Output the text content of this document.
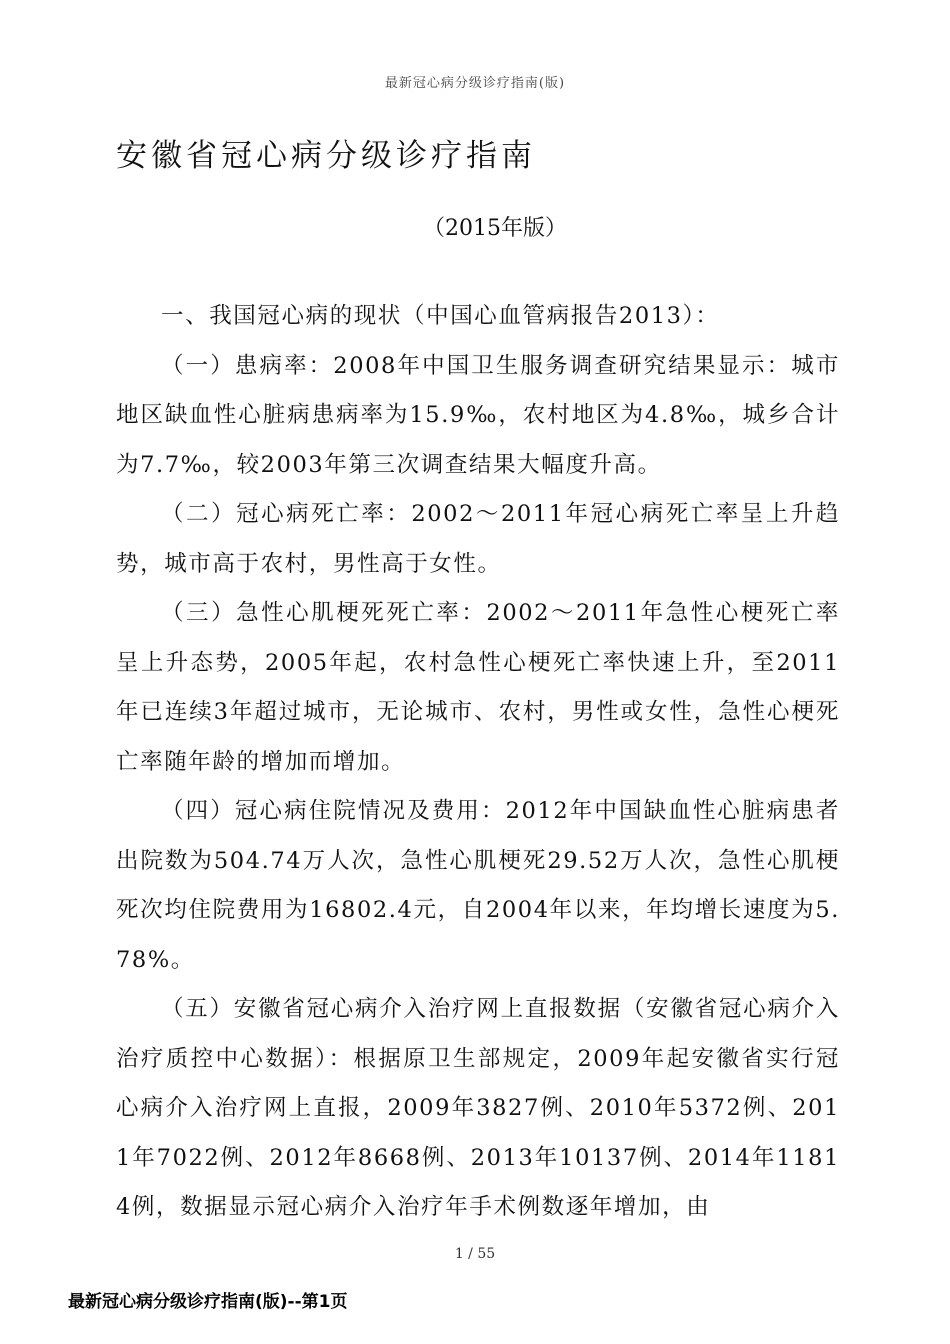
最新冠心病分级诊疗指南(版)
安徽省冠心病分级诊疗指南
（2015年版）

一、我国冠心病的现状（中国心血管病报告2013）：

（一）患病率：2008年中国卫生服务调查研究结果显示：城市地区缺血性心脏病患病率为15.9‰，农村地区为4.8‰，城乡合计为7.7‰，较2003年第三次调查结果大幅度升高。

（二）冠心病死亡率：2002～2011年冠心病死亡率呈上升趋势，城市高于农村，男性高于女性。

（三）急性心肌梗死死亡率：2002～2011年急性心梗死亡率呈上升态势，2005年起，农村急性心梗死亡率快速上升，至2011年已连续3年超过城市，无论城市、农村，男性或女性，急性心梗死亡率随年龄的增加而增加。

（四）冠心病住院情况及费用：2012年中国缺血性心脏病患者出院数为504.74万人次，急性心肌梗死29.52万人次，急性心肌梗死次均住院费用为16802.4元，自2004年以来，年均增长速度为5.78%。

（五）安徽省冠心病介入治疗网上直报数据（安徽省冠心病介入治疗质控中心数据）：根据原卫生部规定，2009年起安徽省实行冠心病介入治疗网上直报，2009年3827例、2010年5372例、2011年7022例、2012年8668例、2013年10137例、2014年11814例，数据显示冠心病介入治疗年手术例数逐年增加，由

1 / 55
最新冠心病分级诊疗指南(版)--第1页
